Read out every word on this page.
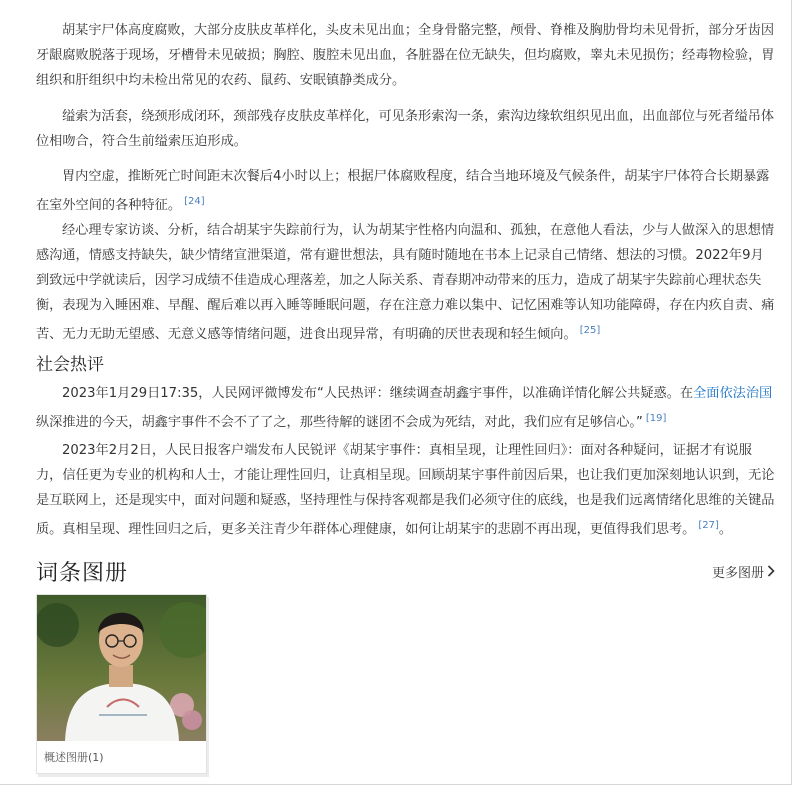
胡某宇尸体高度腐败，大部分皮肤皮革样化，头皮未见出血；全身骨骼完整，颅骨、脊椎及胸肋骨均未见骨折，部分牙齿因牙龈腐败脱落于现场，牙槽骨未见破损；胸腔、腹腔未见出血，各脏器在位无缺失，但均腐败，睾丸未见损伤；经毒物检验，胃组织和肝组织中均未检出常见的农药、鼠药、安眠镇静类成分。

缢索为活套，绕颈形成闭环，颈部残存皮肤皮革样化，可见条形索沟一条，索沟边缘软组织见出血，出血部位与死者缢吊体位相吻合，符合生前缢索压迫形成。

胃内空虚，推断死亡时间距末次餐后4小时以上；根据尸体腐败程度，结合当地环境及气候条件，胡某宇尸体符合长期暴露在室外空间的各种特征。 [24]

经心理专家访谈、分析，结合胡某宇失踪前行为，认为胡某宇性格内向温和、孤独，在意他人看法，少与人做深入的思想情感沟通，情感支持缺失，缺少情绪宣泄渠道，常有避世想法，具有随时随地在书本上记录自己情绪、想法的习惯。2022年9月到致远中学就读后，因学习成绩不佳造成心理落差，加之人际关系、青春期冲动带来的压力，造成了胡某宇失踪前心理状态失衡，表现为入睡困难、早醒、醒后难以再入睡等睡眠问题，存在注意力难以集中、记忆困难等认知功能障碍，存在内疚自责、痛苦、无力无助无望感、无意义感等情绪问题，进食出现异常，有明确的厌世表现和轻生倾向。 [25]

社会热评

2023年1月29日17:35，人民网评微博发布“人民热评：继续调查胡鑫宇事件，以准确详情化解公共疑惑。在全面依法治国纵深推进的今天，胡鑫宇事件不会不了了之，那些待解的谜团不会成为死结，对此，我们应有足够信心。” [19]

2023年2月2日，人民日报客户端发布人民锐评《胡某宇事件：真相呈现，让理性回归》：面对各种疑问，证据才有说服力，信任更为专业的机构和人士，才能让理性回归，让真相呈现。回顾胡某宇事件前因后果，也让我们更加深刻地认识到，无论是互联网上，还是现实中，面对问题和疑惑，坚持理性与保持客观都是我们必须守住的底线，也是我们远离情绪化思维的关键品质。真相呈现、理性回归之后，更多关注青少年群体心理健康，如何让胡某宇的悲剧不再出现，更值得我们思考。 [27]。

词条图册	更多图册
概述图册(1)
